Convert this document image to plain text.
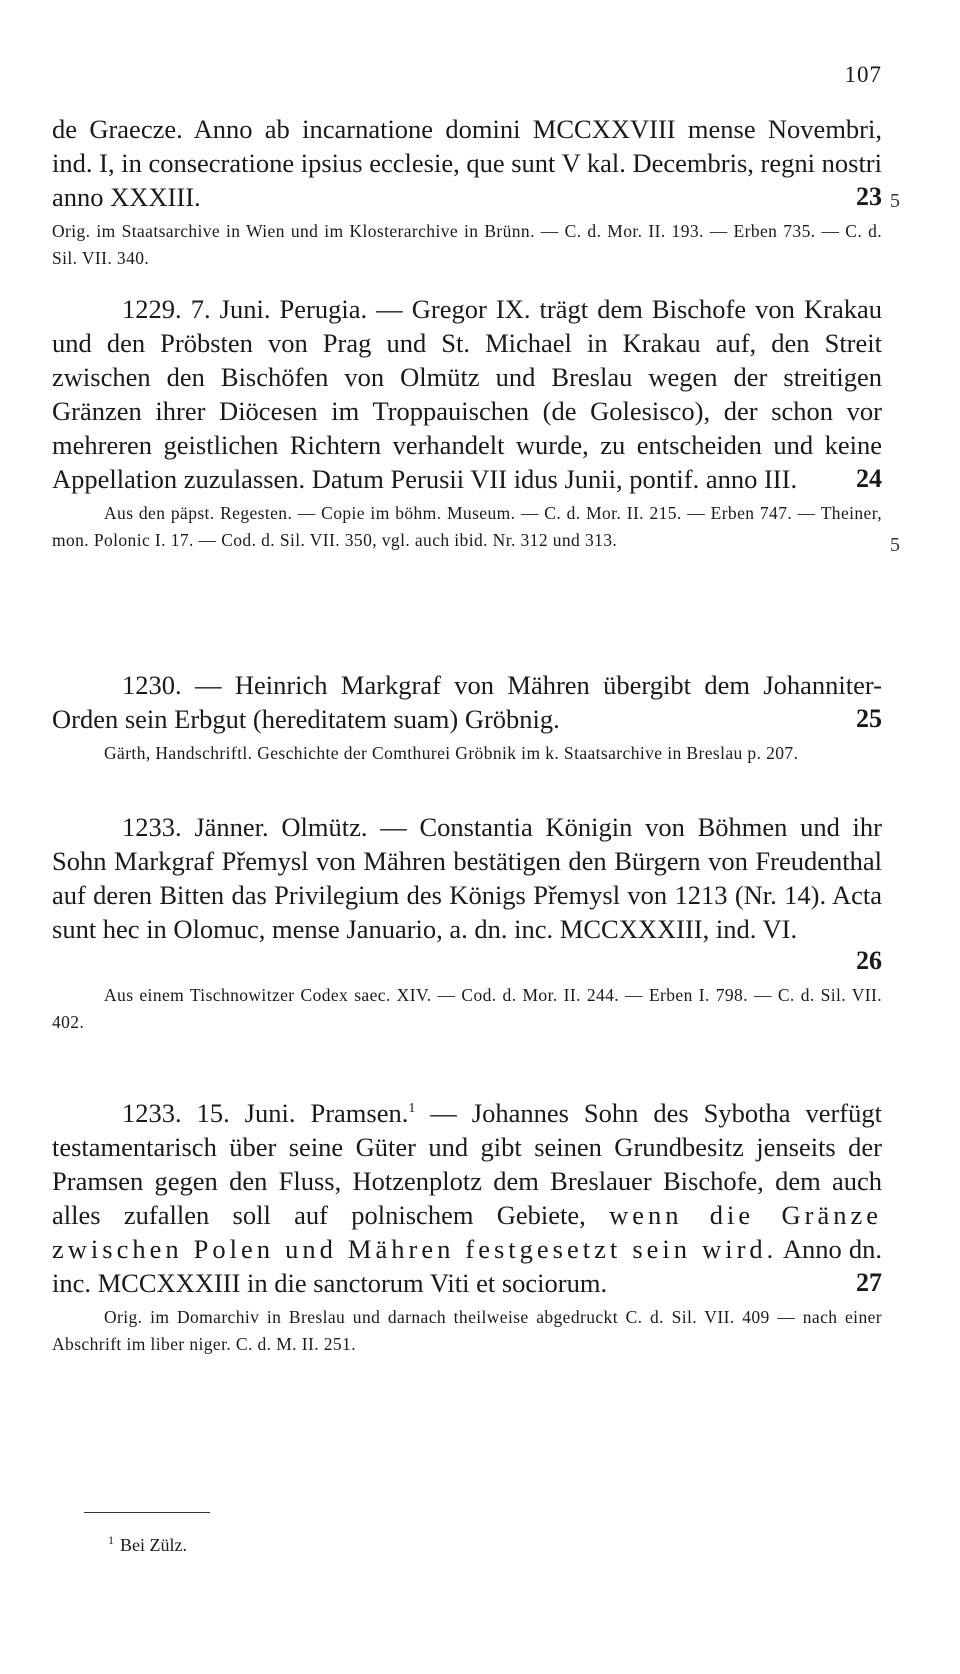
107

de Graecze. Anno ab incarnatione domini MCCXXVIII mense Novembri, ind. I, in consecratione ipsius ecclesie, que sunt V kal. Decembris, regni nostri anno XXXIII.	23

Orig. im Staatsarchive in Wien und im Klosterarchive in Brünn. — C. d. Mor. II. 193. — Erben 735. — C. d. Sil. VII. 340.

5

1229. 7. Juni. Perugia. — Gregor IX. trägt dem Bischofe von Krakau und den Pröbsten von Prag und St. Michael in Krakau auf, den Streit zwischen den Bischöfen von Olmütz und Breslau wegen der streitigen Gränzen ihrer Diöcesen im Troppauischen (de Golesisco), der schon vor mehreren geistlichen Richtern verhandelt wurde, zu entscheiden und keine Appellation zuzulassen. Datum Perusii VII idus Junii, pontif. anno III.	24

Aus den päpst. Regesten. — Copie im böhm. Museum. — C. d. Mor. II. 215. — Erben 747. — Theiner, mon. Polonic I. 17. — Cod. d. Sil. VII. 350, vgl. auch ibid. Nr. 312 und 313.	5

1230. — Heinrich Markgraf von Mähren übergibt dem Johanniter-Orden sein Erbgut (hereditatem suam) Gröbnig.	25

Gärth, Handschriftl. Geschichte der Comthurei Gröbnik im k. Staatsarchive in Breslau p. 207.

1233. Jänner. Olmütz. — Constantia Königin von Böhmen und ihr Sohn Markgraf Přemysl von Mähren bestätigen den Bürgern von Freudenthal auf deren Bitten das Privilegium des Königs Přemysl von 1213 (Nr. 14). Acta sunt hec in Olomuc, mense Januario, a. dn. inc. MCCXXXIII, ind. VI.

26

Aus einem Tischnowitzer Codex saec. XIV. — Cod. d. Mor. II. 244. — Erben I. 798. — C. d. Sil. VII. 402.

1233. 15. Juni. Pramsen.$^1$ — Johannes Sohn des Sybotha verfügt testamentarisch über seine Güter und gibt seinen Grundbesitz jenseits der Pramsen gegen den Fluss, Hotzenplotz dem Breslauer Bischofe, dem auch alles zufallen soll auf polnischem Gebiete, wenn die Gränze zwischen Polen und Mähren festgesetzt sein wird. Anno dn. inc. MCCXXXIII in die sanctorum Viti et sociorum.	27

Orig. im Domarchiv in Breslau und darnach theilweise abgedruckt C. d. Sil. VII. 409 — nach einer Abschrift im liber niger. C. d. M. II. 251.

$^1$ Bei Zülz.
